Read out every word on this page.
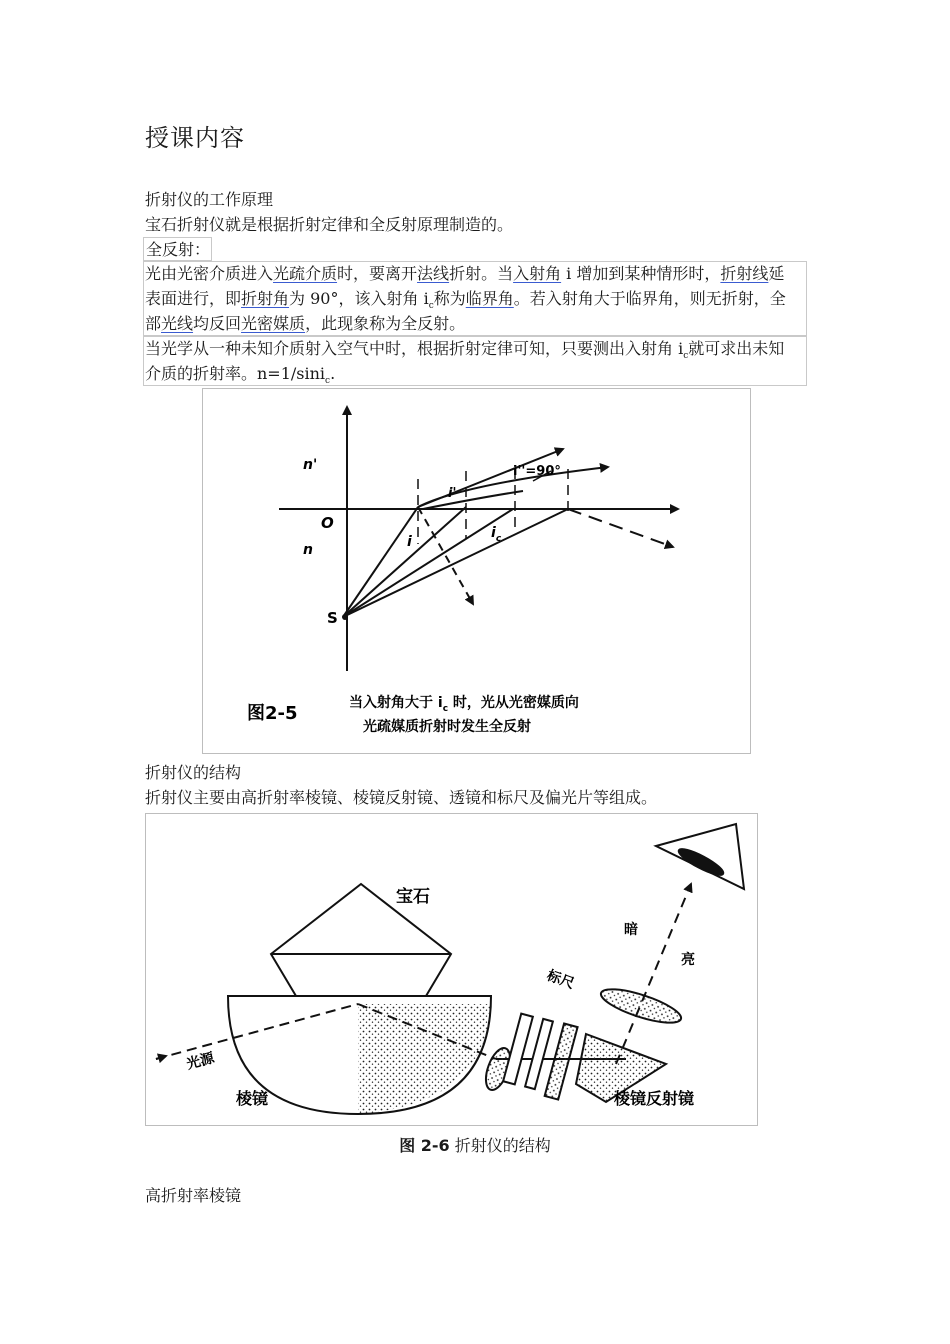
授课内容
折射仪的工作原理
宝石折射仪就是根据折射定律和全反射原理制造的。
全反射：
光由光密介质进入光疏介质时，要离开法线折射。当入射角 i 增加到某种情形时，折射线延
表面进行，即折射角为 90°，该入射角 $i_c$称为临界角。若入射角大于临界角，则无折射，全
部光线均反回光密媒质，此现象称为全反射。
当光学从一种未知介质射入空气中时，根据折射定律可知，只要测出入射角 $i_c$就可求出未知
介质的折射率。n=1/sini$_c$.
n'
n
O
S
i
i'
$i_c$
i''=90°
图2-5	当入射角大于 $i_c$ 时，光从光密媒质向
光疏媒质折射时发生全反射
折射仪的结构
折射仪主要由高折射率棱镜、棱镜反射镜、透镜和标尺及偏光片等组成。
宝石
标尺
暗
亮
光源
棱镜	棱镜反射镜
图 2-6 折射仪的结构
高折射率棱镜
